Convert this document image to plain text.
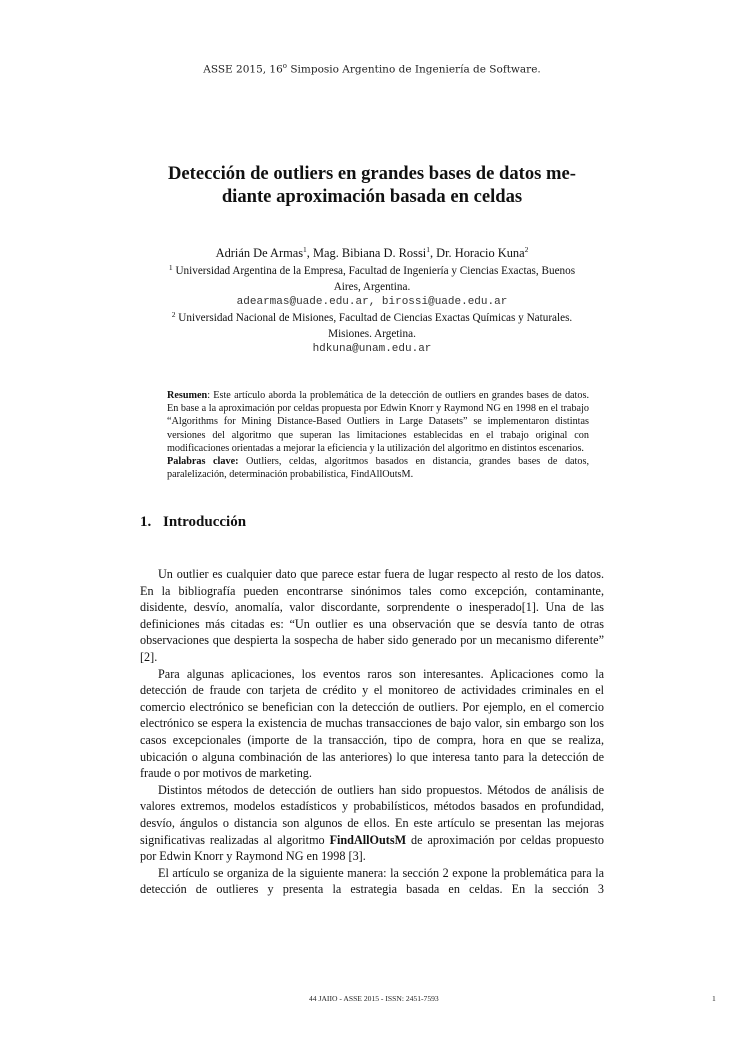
ASSE 2015, 16$^o$ Simposio Argentino de Ingeniería de Software.
Detección de outliers en grandes bases de datos me-
diante aproximación basada en celdas
Adrián De Armas$^1$, Mag. Bibiana D. Rossi$^1$, Dr. Horacio Kuna$^2$
$^1$ Universidad Argentina de la Empresa, Facultad de Ingeniería y Ciencias Exactas, Buenos
Aires, Argentina.
adearmas@uade.edu.ar, birossi@uade.edu.ar
$^2$ Universidad Nacional de Misiones, Facultad de Ciencias Exactas Químicas y Naturales.
Misiones. Argetina.
hdkuna@unam.edu.ar
Resumen: Este artículo aborda la problemática de la detección de outliers en grandes bases de datos. En base a la aproximación por celdas propuesta por Edwin Knorr y Raymond NG en 1998 en el trabajo “Algorithms for Mining Distance-Based Outliers in Large Datasets” se implementaron distintas versiones del algoritmo que superan las limitaciones establecidas en el trabajo original con modificaciones orientadas a mejorar la eficiencia y la utilización del algoritmo en distintos escenarios.
Palabras clave: Outliers, celdas, algoritmos basados en distancia, grandes bases de datos, paralelización, determinación probabilística, FindAllOutsM.
1. Introducción

Un outlier es cualquier dato que parece estar fuera de lugar respecto al resto de los datos. En la bibliografía pueden encontrarse sinónimos tales como excepción, contaminante, disidente, desvío, anomalía, valor discordante, sorprendente o inesperado[1]. Una de las definiciones más citadas es: “Un outlier es una observación que se desvía tanto de otras observaciones que despierta la sospecha de haber sido generado por un mecanismo diferente” [2].

Para algunas aplicaciones, los eventos raros son interesantes. Aplicaciones como la detección de fraude con tarjeta de crédito y el monitoreo de actividades criminales en el comercio electrónico se benefician con la detección de outliers. Por ejemplo, en el comercio electrónico se espera la existencia de muchas transacciones de bajo valor, sin embargo son los casos excepcionales (importe de la transacción, tipo de compra, hora en que se realiza, ubicación o alguna combinación de las anteriores) lo que interesa tanto para la detección de fraude o por motivos de marketing.

Distintos métodos de detección de outliers han sido propuestos. Métodos de análisis de valores extremos, modelos estadísticos y probabilísticos, métodos basados en profundidad, desvío, ángulos o distancia son algunos de ellos. En este artículo se presentan las mejoras significativas realizadas al algoritmo FindAllOutsM de aproximación por celdas propuesto por Edwin Knorr y Raymond NG en 1998 [3].

El artículo se organiza de la siguiente manera: la sección 2 expone la problemática para la detección de outlieres y presenta la estrategia basada en celdas. En la sección 3

44 JAIIO - ASSE 2015 - ISSN: 2451-7593	1
